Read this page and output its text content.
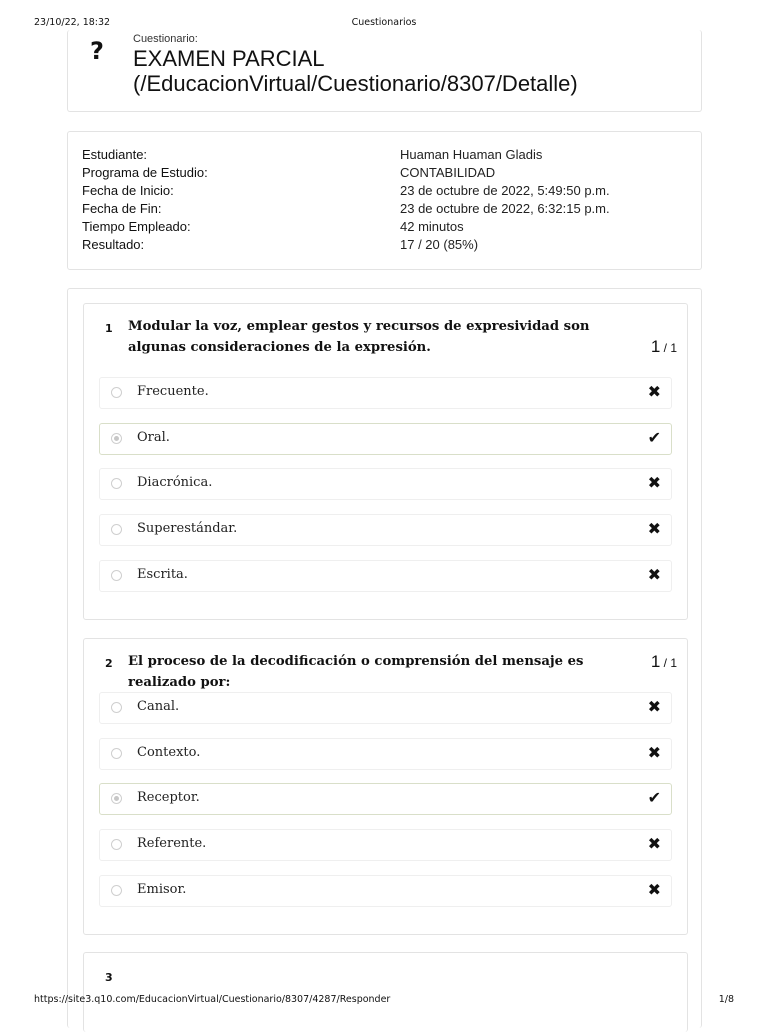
23/10/22, 18:32	Cuestionarios
?	Cuestionario:
EXAMEN PARCIAL (/EducacionVirtual/Cuestionario/8307/Detalle)
Estudiante:	Huaman Huaman Gladis
Programa de Estudio:	CONTABILIDAD
Fecha de Inicio:	23 de octubre de 2022, 5:49:50 p.m.
Fecha de Fin:	23 de octubre de 2022, 6:32:15 p.m.
Tiempo Empleado:	42 minutos
Resultado:	17 / 20 (85%)
1 Modular la voz, emplear gestos y recursos de expresividad son algunas consideraciones de la expresión.	1 / 1
Frecuente.	✖
Oral.	✔
Diacrónica.	✖
Superestándar.	✖
Escrita.	✖
2 El proceso de la decodificación o comprensión del mensaje es realizado por:
1 / 1
Canal.	✖
Contexto.	✖
Receptor.	✔
Referente.	✖
Emisor.	✖
3
https://site3.q10.com/EducacionVirtual/Cuestionario/8307/4287/Responder	1/8
